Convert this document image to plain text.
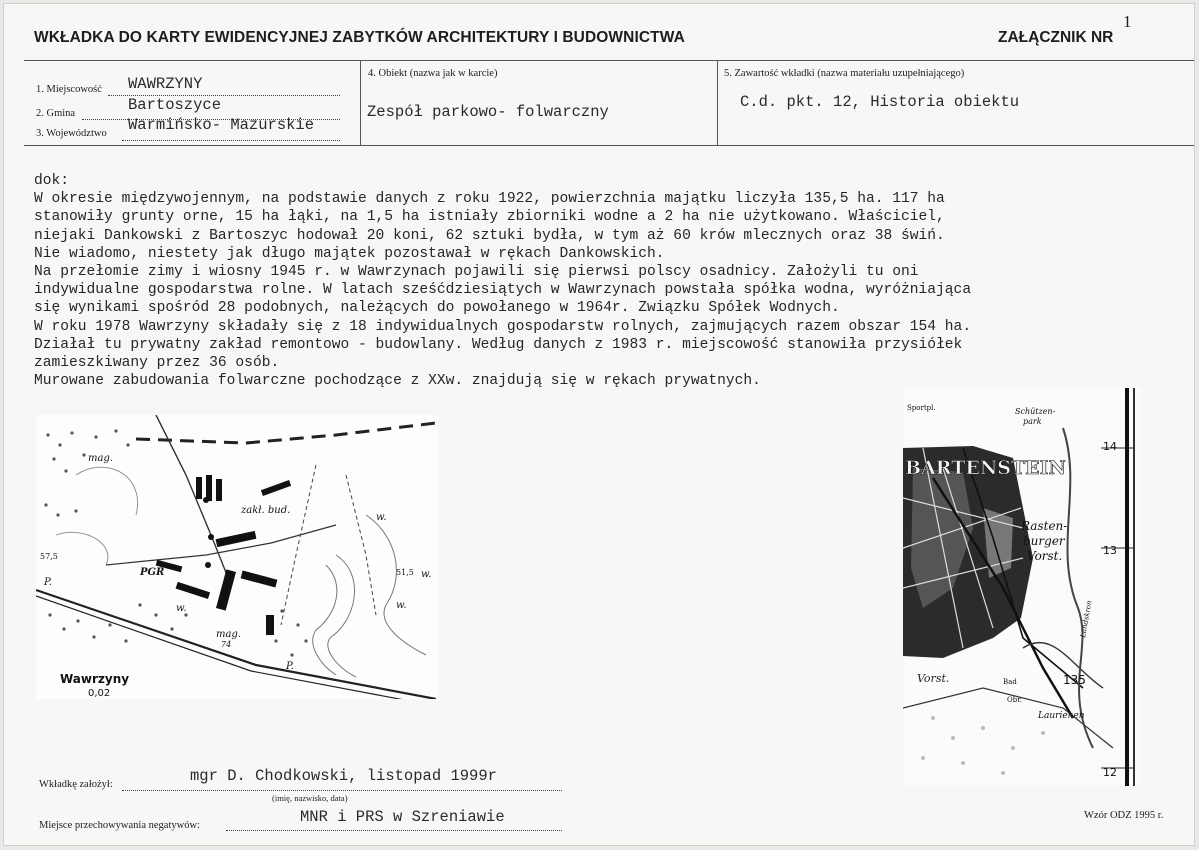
WKŁADKA DO KARTY EWIDENCYJNEJ ZABYTKÓW ARCHITEKTURY I BUDOWNICTWA	ZAŁĄCZNIK NR
1
1. Miejscowość WAWRZYNY
2. Gmina	Bartoszyce
3. Województwo Warmińsko- Mazurskie
4. Obiekt (nazwa jak w karcie)
Zespół parkowo- folwarczny
5. Zawartość wkładki (nazwa materiału uzupełniającego)
C.d. pkt. 12, Historia obiektu
dok:
W okresie międzywojennym, na podstawie danych z roku 1922, powierzchnia majątku liczyła 135,5 ha. 117 ha
stanowiły grunty orne, 15 ha łąki, na 1,5 ha istniały zbiorniki wodne a 2 ha nie użytkowano. Właściciel,
niejaki Dankowski z Bartoszyc hodował 20 koni, 62 sztuki bydła, w tym aż 60 krów mlecznych oraz 38 świń.
Nie wiadomo, niestety jak długo majątek pozostawał w rękach Dankowskich.
Na przełomie zimy i wiosny 1945 r. w Wawrzynach pojawili się pierwsi polscy osadnicy. Założyli tu oni
indywidualne gospodarstwa rolne. W latach sześćdziesiątych w Wawrzynach powstała spółka wodna, wyróżniająca
się wynikami spośród 28 podobnych, należących do powołanego w 1964r. Związku Spółek Wodnych.
W roku 1978 Wawrzyny składały się z 18 indywidualnych gospodarstw rolnych, zajmujących razem obszar 154 ha.
Działał tu prywatny zakład remontowo - budowlany. Według danych z 1983 r. miejscowość stanowiła przysiółek
zamieszkiwany przez 36 osób.
Murowane zabudowania folwarczne pochodzące z XXw. znajdują się w rękach prywatnych.
mag.
zakł. bud.
PGR
mag.
74
57,5
51,5
w.
w.
w.	w.
P.
P.
Wawrzyny
0,02
BARTENSTEIN
Rasten-
burger
Vorst.
Vorst.
Laurienen
14
13
12
Schützen-
park
Sportpl.
Obr.
Bad
Landskron
135
Wkładkę założył:	mgr D. Chodkowski, listopad 1999r
(imię, nazwisko, data)
Miejsce przechowywania negatywów:	MNR i PRS w Szreniawie	Wzór ODZ 1995 r.
